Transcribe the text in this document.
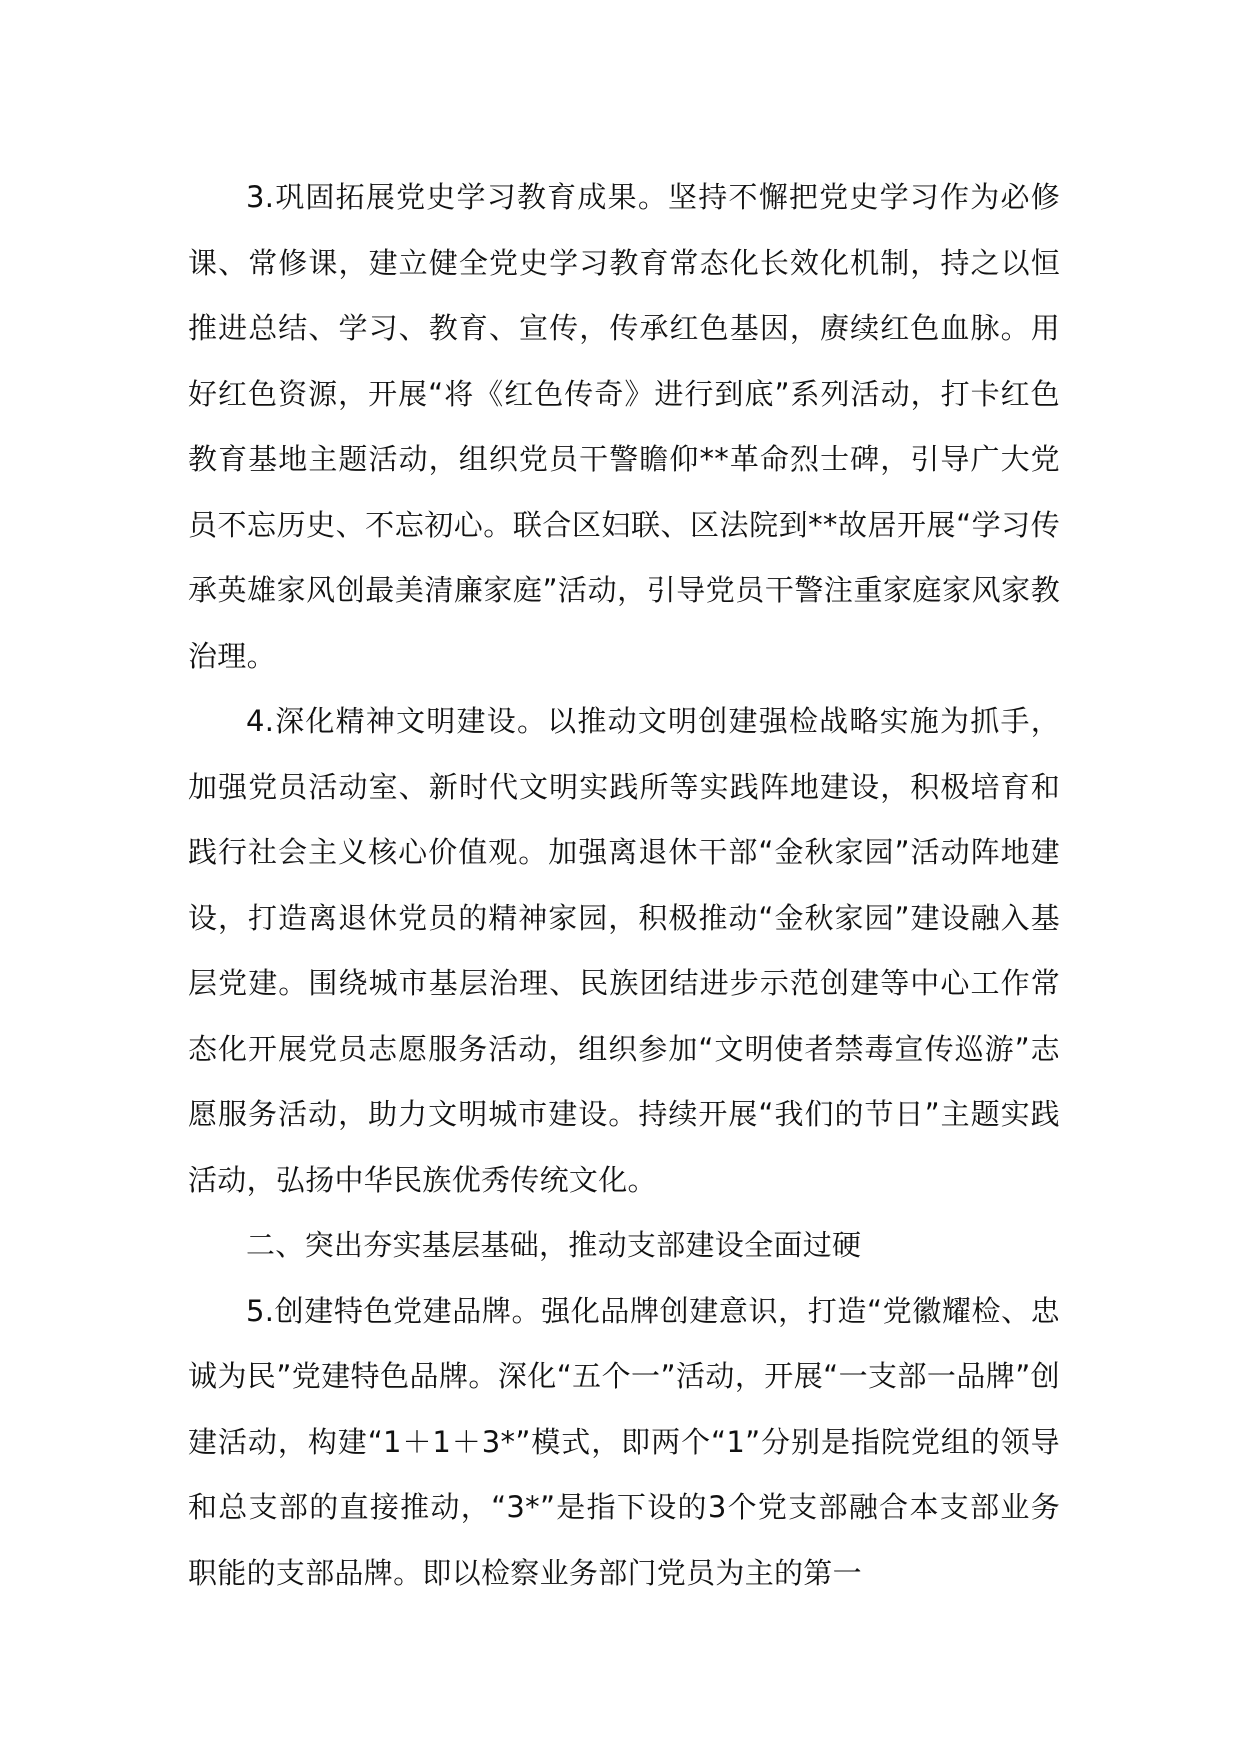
3.巩固拓展党史学习教育成果。坚持不懈把党史学习作为必修课、常修课，建立健全党史学习教育常态化长效化机制，持之以恒推进总结、学习、教育、宣传，传承红色基因，赓续红色血脉。用好红色资源，开展“将《红色传奇》进行到底”系列活动，打卡红色教育基地主题活动，组织党员干警瞻仰**革命烈士碑，引导广大党员不忘历史、不忘初心。联合区妇联、区法院到**故居开展“学习传承英雄家风创最美清廉家庭”活动，引导党员干警注重家庭家风家教治理。

4.深化精神文明建设。以推动文明创建强检战略实施为抓手，加强党员活动室、新时代文明实践所等实践阵地建设，积极培育和践行社会主义核心价值观。加强离退休干部“金秋家园”活动阵地建设，打造离退休党员的精神家园，积极推动“金秋家园”建设融入基层党建。围绕城市基层治理、民族团结进步示范创建等中心工作常态化开展党员志愿服务活动，组织参加“文明使者禁毒宣传巡游”志愿服务活动，助力文明城市建设。持续开展“我们的节日”主题实践活动，弘扬中华民族优秀传统文化。

二、突出夯实基层基础，推动支部建设全面过硬

5.创建特色党建品牌。强化品牌创建意识，打造“党徽耀检、忠诚为民”党建特色品牌。深化“五个一”活动，开展“一支部一品牌”创建活动，构建“1＋1＋3*”模式，即两个“1”分别是指院党组的领导和总支部的直接推动，“3*”是指下设的3个党支部融合本支部业务职能的支部品牌。即以检察业务部门党员为主的第一
